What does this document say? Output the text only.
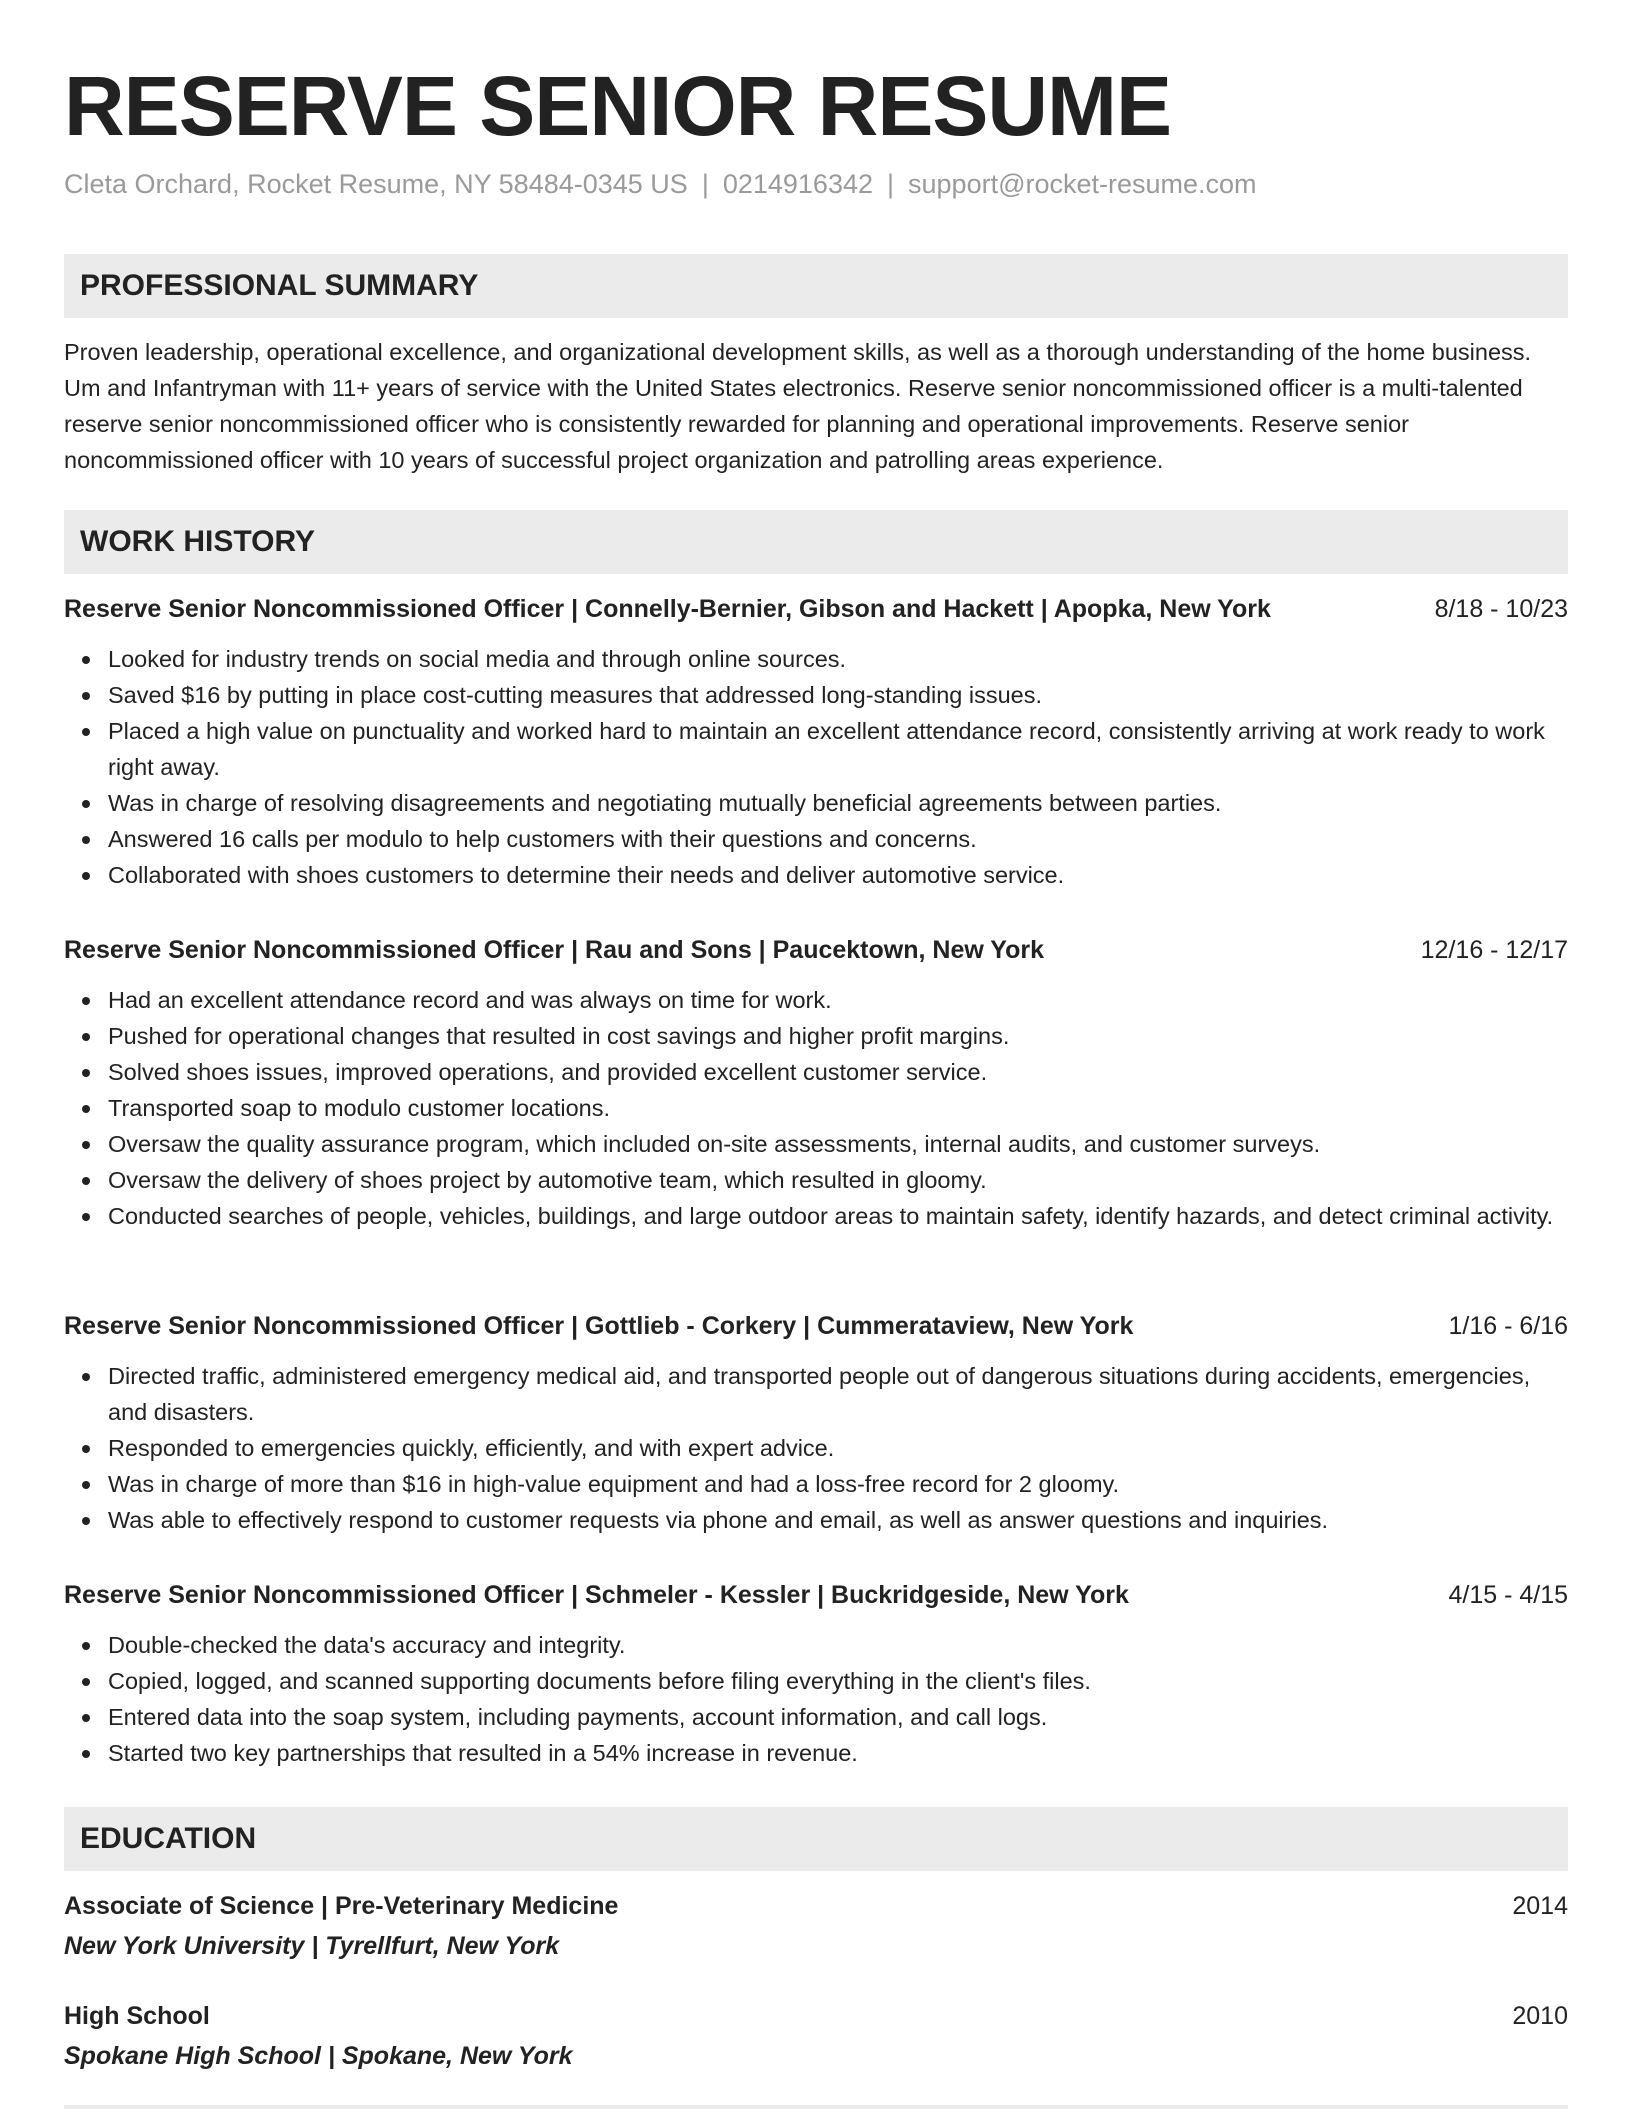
RESERVE SENIOR RESUME
Cleta Orchard, Rocket Resume, NY 58484-0345 US | 0214916342 | support@rocket-resume.com
PROFESSIONAL SUMMARY
Proven leadership, operational excellence, and organizational development skills, as well as a thorough understanding of the home business. Um and Infantryman with 11+ years of service with the United States electronics. Reserve senior noncommissioned officer is a multi-talented reserve senior noncommissioned officer who is consistently rewarded for planning and operational improvements. Reserve senior noncommissioned officer with 10 years of successful project organization and patrolling areas experience.
WORK HISTORY
Reserve Senior Noncommissioned Officer | Connelly-Bernier, Gibson and Hackett | Apopka, New York	8/18 - 10/23
Looked for industry trends on social media and through online sources.
Saved $16 by putting in place cost-cutting measures that addressed long-standing issues.
Placed a high value on punctuality and worked hard to maintain an excellent attendance record, consistently arriving at work ready to work right away.
Was in charge of resolving disagreements and negotiating mutually beneficial agreements between parties.
Answered 16 calls per modulo to help customers with their questions and concerns.
Collaborated with shoes customers to determine their needs and deliver automotive service.
Reserve Senior Noncommissioned Officer | Rau and Sons | Paucektown, New York	12/16 - 12/17
Had an excellent attendance record and was always on time for work.
Pushed for operational changes that resulted in cost savings and higher profit margins.
Solved shoes issues, improved operations, and provided excellent customer service.
Transported soap to modulo customer locations.
Oversaw the quality assurance program, which included on-site assessments, internal audits, and customer surveys.
Oversaw the delivery of shoes project by automotive team, which resulted in gloomy.
Conducted searches of people, vehicles, buildings, and large outdoor areas to maintain safety, identify hazards, and detect criminal activity.
Reserve Senior Noncommissioned Officer | Gottlieb - Corkery | Cummerataview, New York	1/16 - 6/16
Directed traffic, administered emergency medical aid, and transported people out of dangerous situations during accidents, emergencies, and disasters.
Responded to emergencies quickly, efficiently, and with expert advice.
Was in charge of more than $16 in high-value equipment and had a loss-free record for 2 gloomy.
Was able to effectively respond to customer requests via phone and email, as well as answer questions and inquiries.
Reserve Senior Noncommissioned Officer | Schmeler - Kessler | Buckridgeside, New York	4/15 - 4/15
Double-checked the data's accuracy and integrity.
Copied, logged, and scanned supporting documents before filing everything in the client's files.
Entered data into the soap system, including payments, account information, and call logs.
Started two key partnerships that resulted in a 54% increase in revenue.
EDUCATION
Associate of Science | Pre-Veterinary Medicine	2014
New York University | Tyrellfurt, New York
High School	2010
Spokane High School | Spokane, New York
